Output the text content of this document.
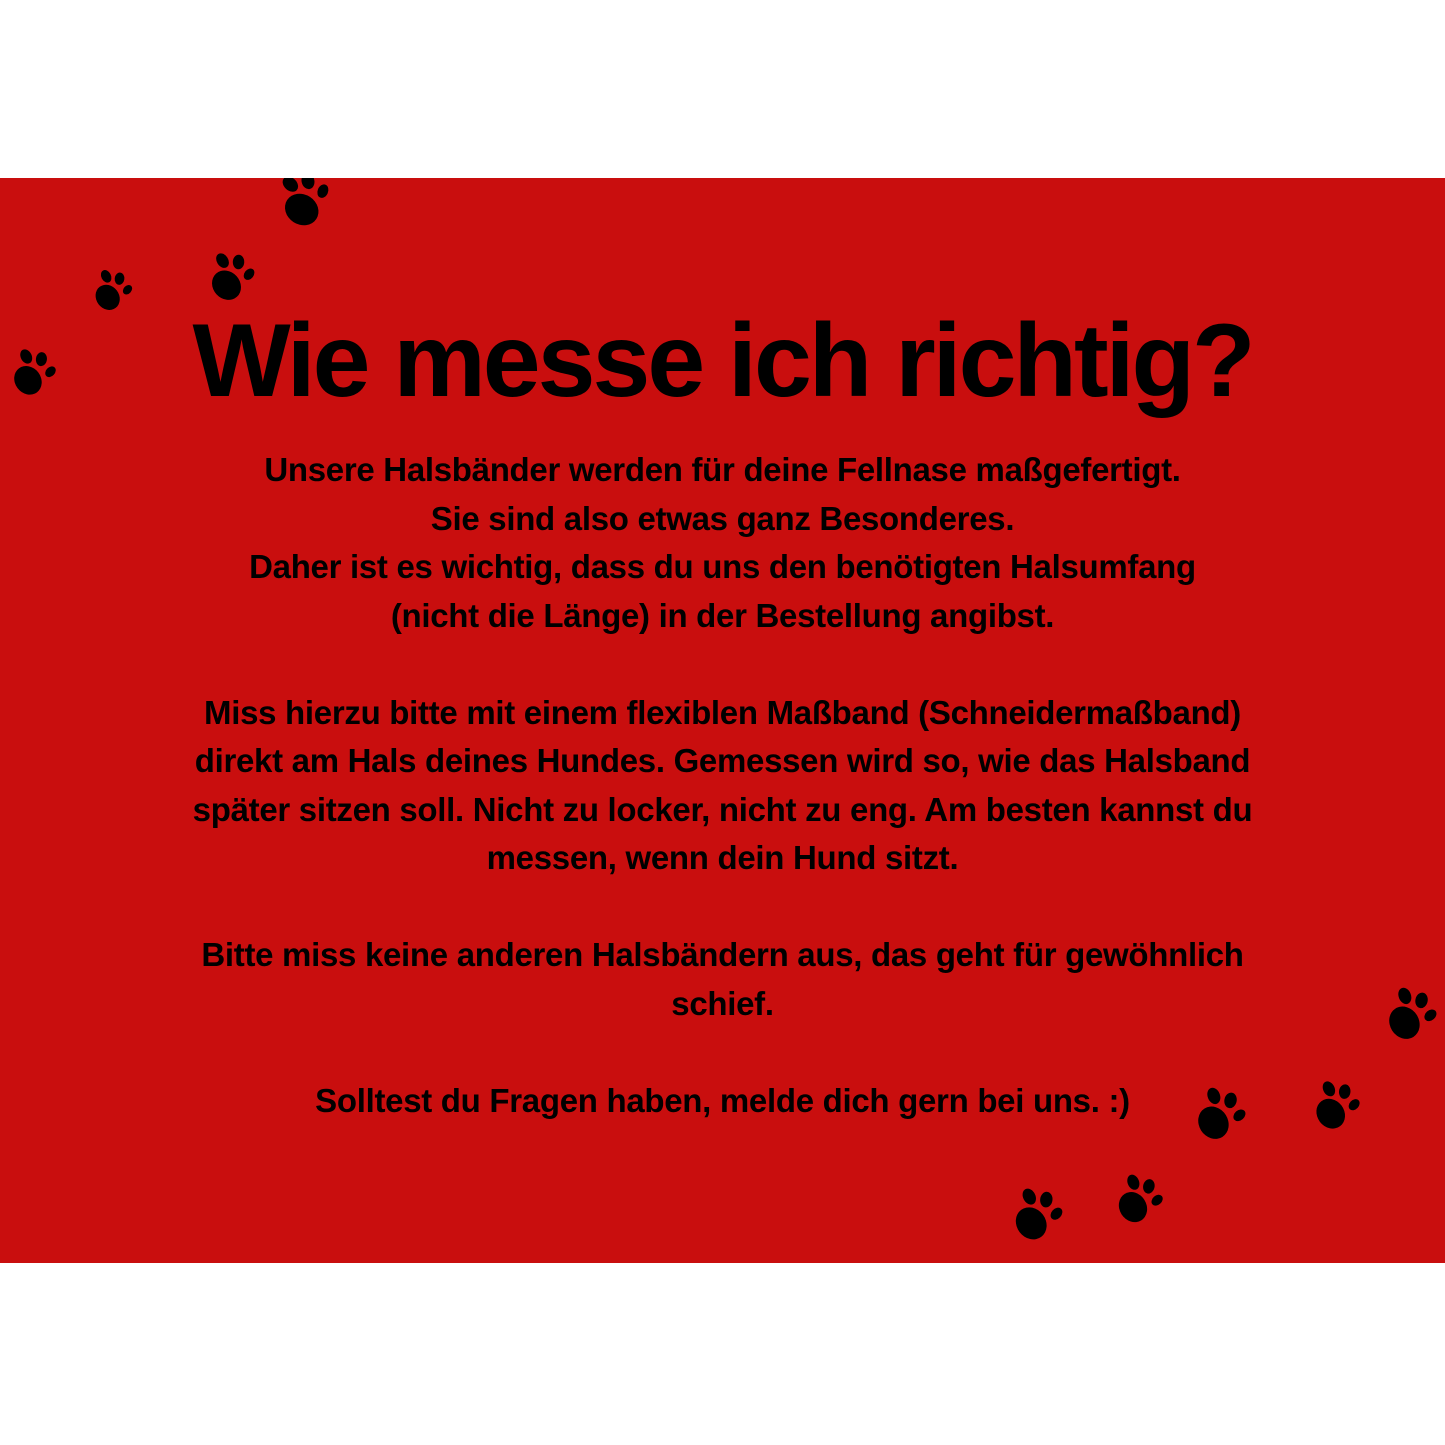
Wie messe ich richtig?

Unsere Halsbänder werden für deine Fellnase maßgefertigt.
Sie sind also etwas ganz Besonderes.
Daher ist es wichtig, dass du uns den benötigten Halsumfang
(nicht die Länge) in der Bestellung angibst.

Miss hierzu bitte mit einem flexiblen Maßband (Schneidermaßband)
direkt am Hals deines Hundes. Gemessen wird so, wie das Halsband
später sitzen soll. Nicht zu locker, nicht zu eng. Am besten kannst du
messen, wenn dein Hund sitzt.

Bitte miss keine anderen Halsbändern aus, das geht für gewöhnlich
schief.

Solltest du Fragen haben, melde dich gern bei uns. :)
